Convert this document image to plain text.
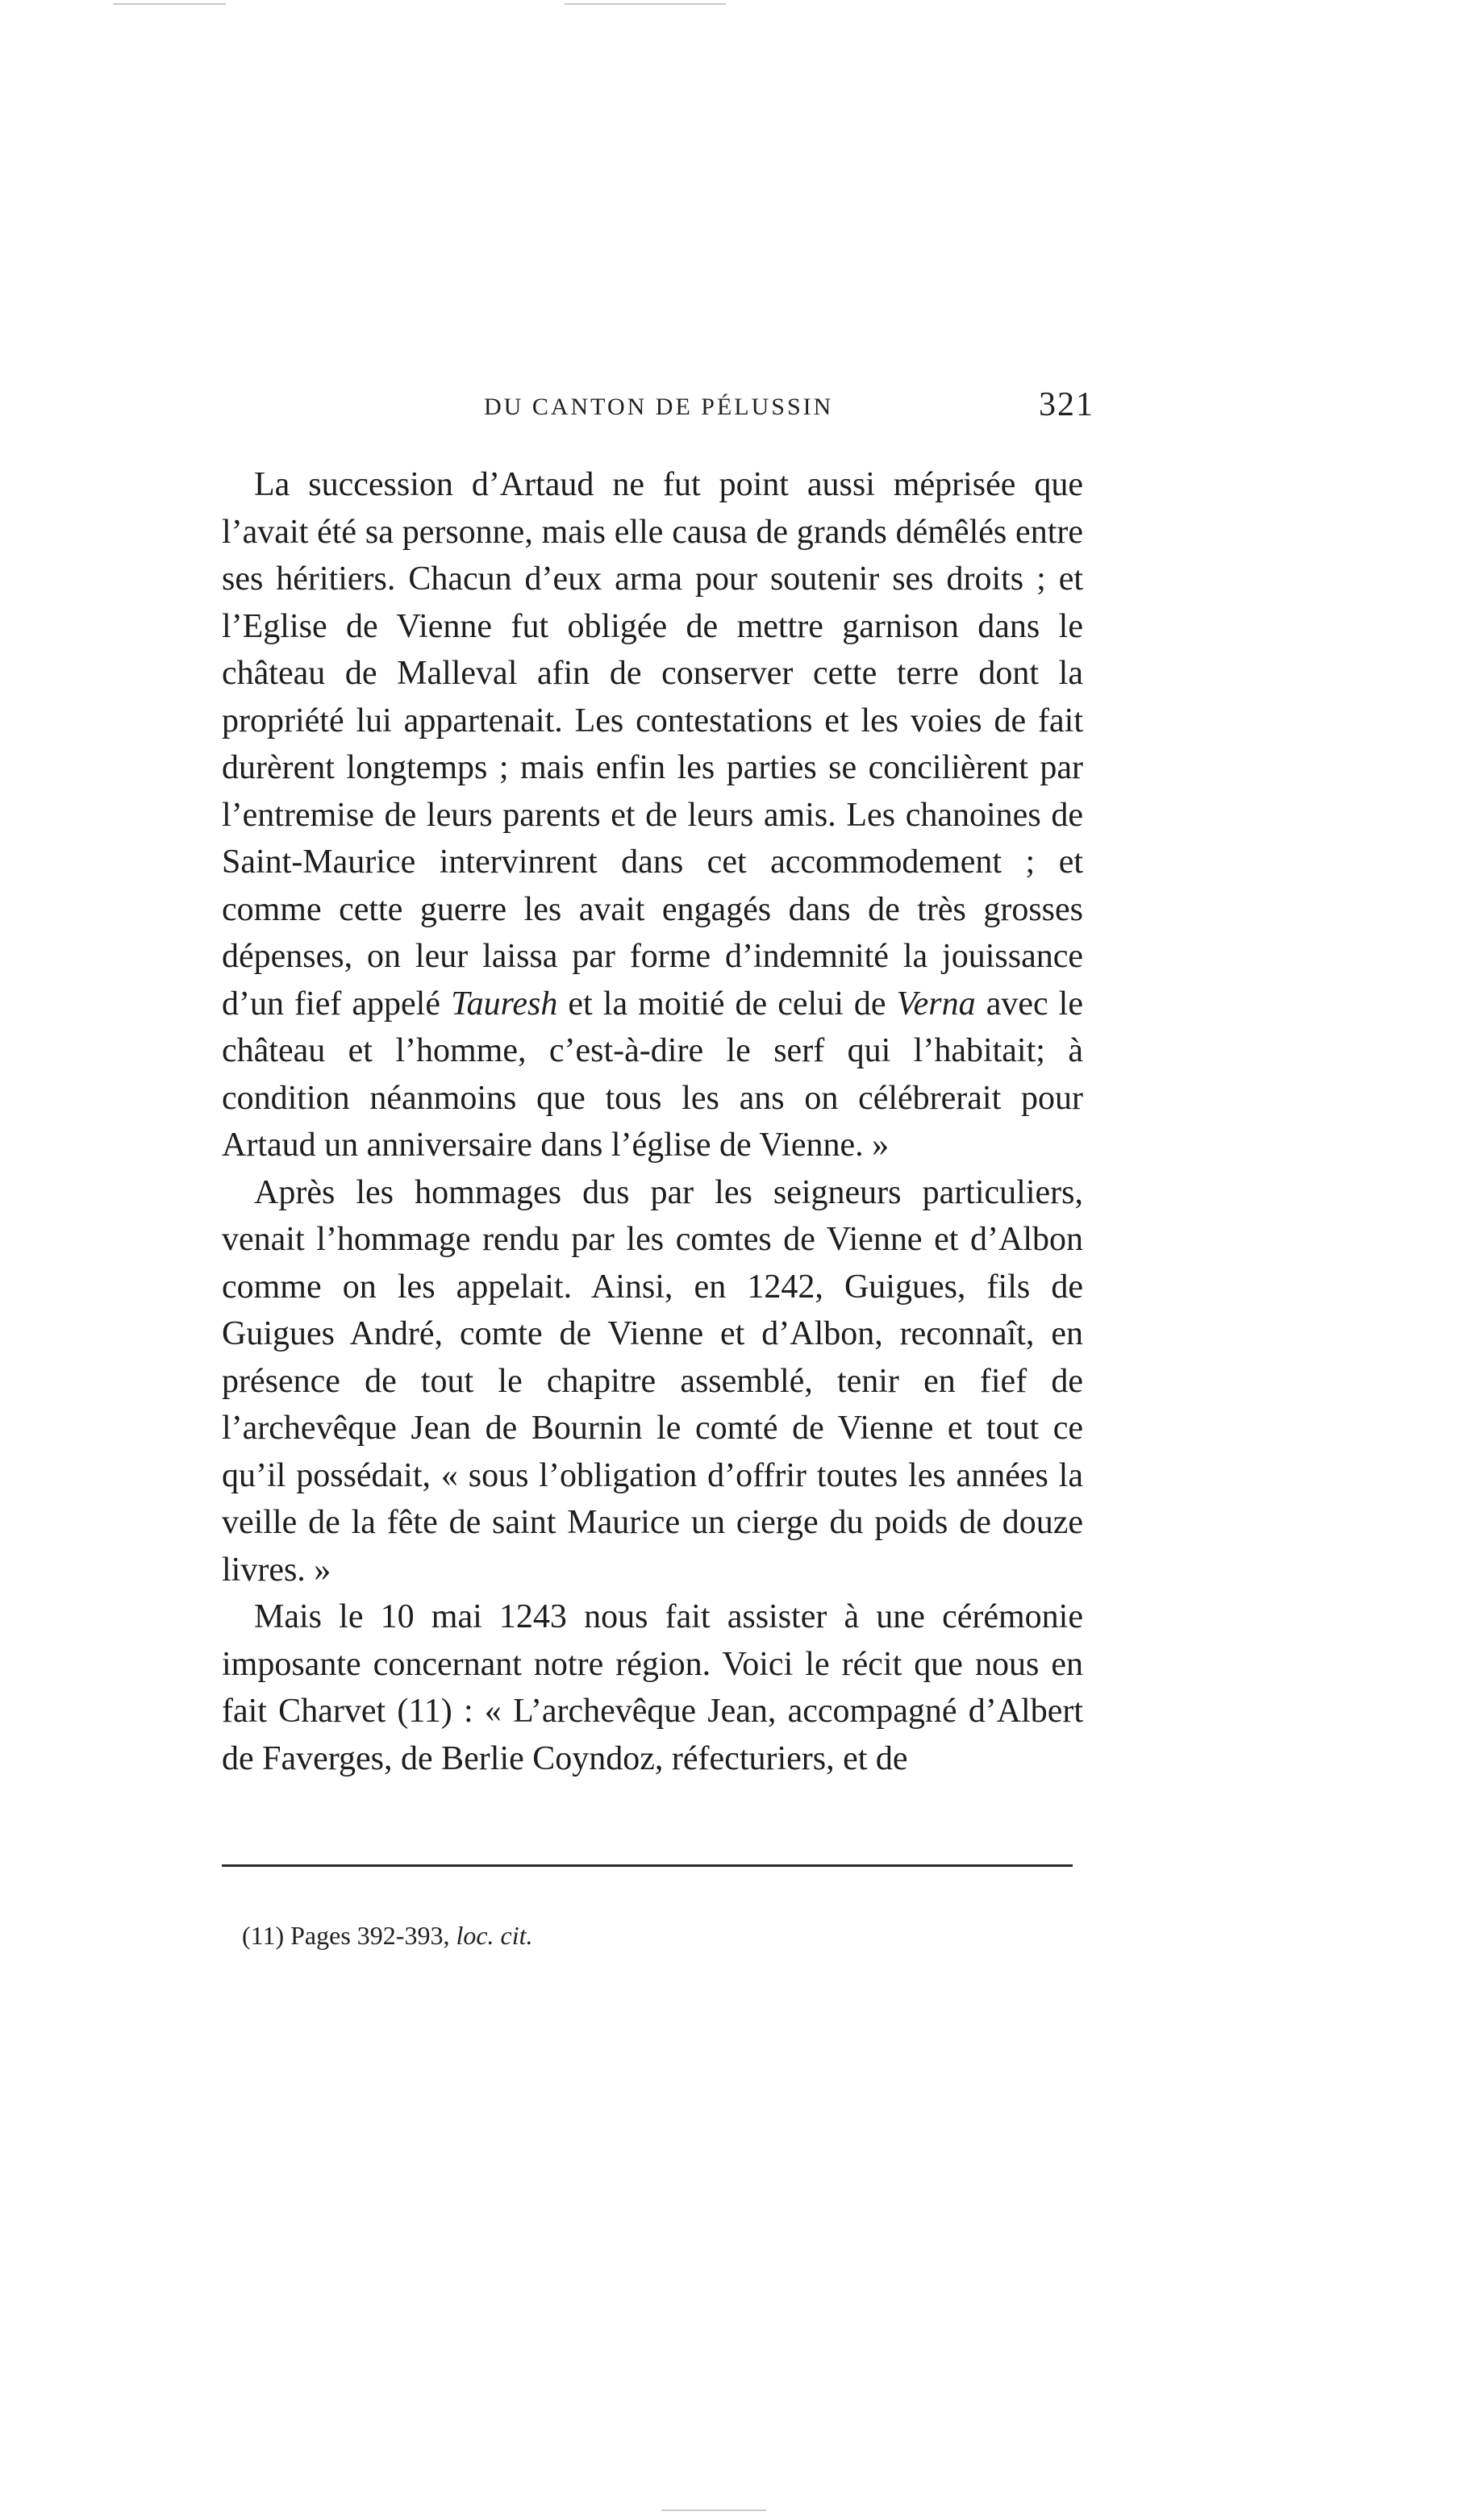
DU CANTON DE PÉLUSSIN	321

La succession d’Artaud ne fut point aussi méprisée que l’avait été sa personne, mais elle causa de grands démêlés entre ses héritiers. Chacun d’eux arma pour soutenir ses droits ; et l’Eglise de Vienne fut obligée de mettre garnison dans le château de Malleval afin de conserver cette terre dont la propriété lui appartenait. Les contestations et les voies de fait durèrent longtemps ; mais enfin les parties se concilièrent par l’entremise de leurs parents et de leurs amis. Les chanoines de Saint-Maurice intervinrent dans cet accommodement ; et comme cette guerre les avait engagés dans de très grosses dépenses, on leur laissa par forme d’indemnité la jouissance d’un fief appelé Tauresh et la moitié de celui de Verna avec le château et l’homme, c’est-à-dire le serf qui l’habitait; à condition néanmoins que tous les ans on célébrerait pour Artaud un anniversaire dans l’église de Vienne. »

Après les hommages dus par les seigneurs particuliers, venait l’hommage rendu par les comtes de Vienne et d’Albon comme on les appelait. Ainsi, en 1242, Guigues, fils de Guigues André, comte de Vienne et d’Albon, reconnaît, en présence de tout le chapitre assemblé, tenir en fief de l’archevêque Jean de Bournin le comté de Vienne et tout ce qu’il possédait, « sous l’obligation d’offrir toutes les années la veille de la fête de saint Maurice un cierge du poids de douze livres. »

Mais le 10 mai 1243 nous fait assister à une cérémonie imposante concernant notre région. Voici le récit que nous en fait Charvet (11) : « L’archevêque Jean, accompagné d’Albert de Faverges, de Berlie Coyndoz, réfecturiers, et de

(11) Pages 392-393, loc. cit.
